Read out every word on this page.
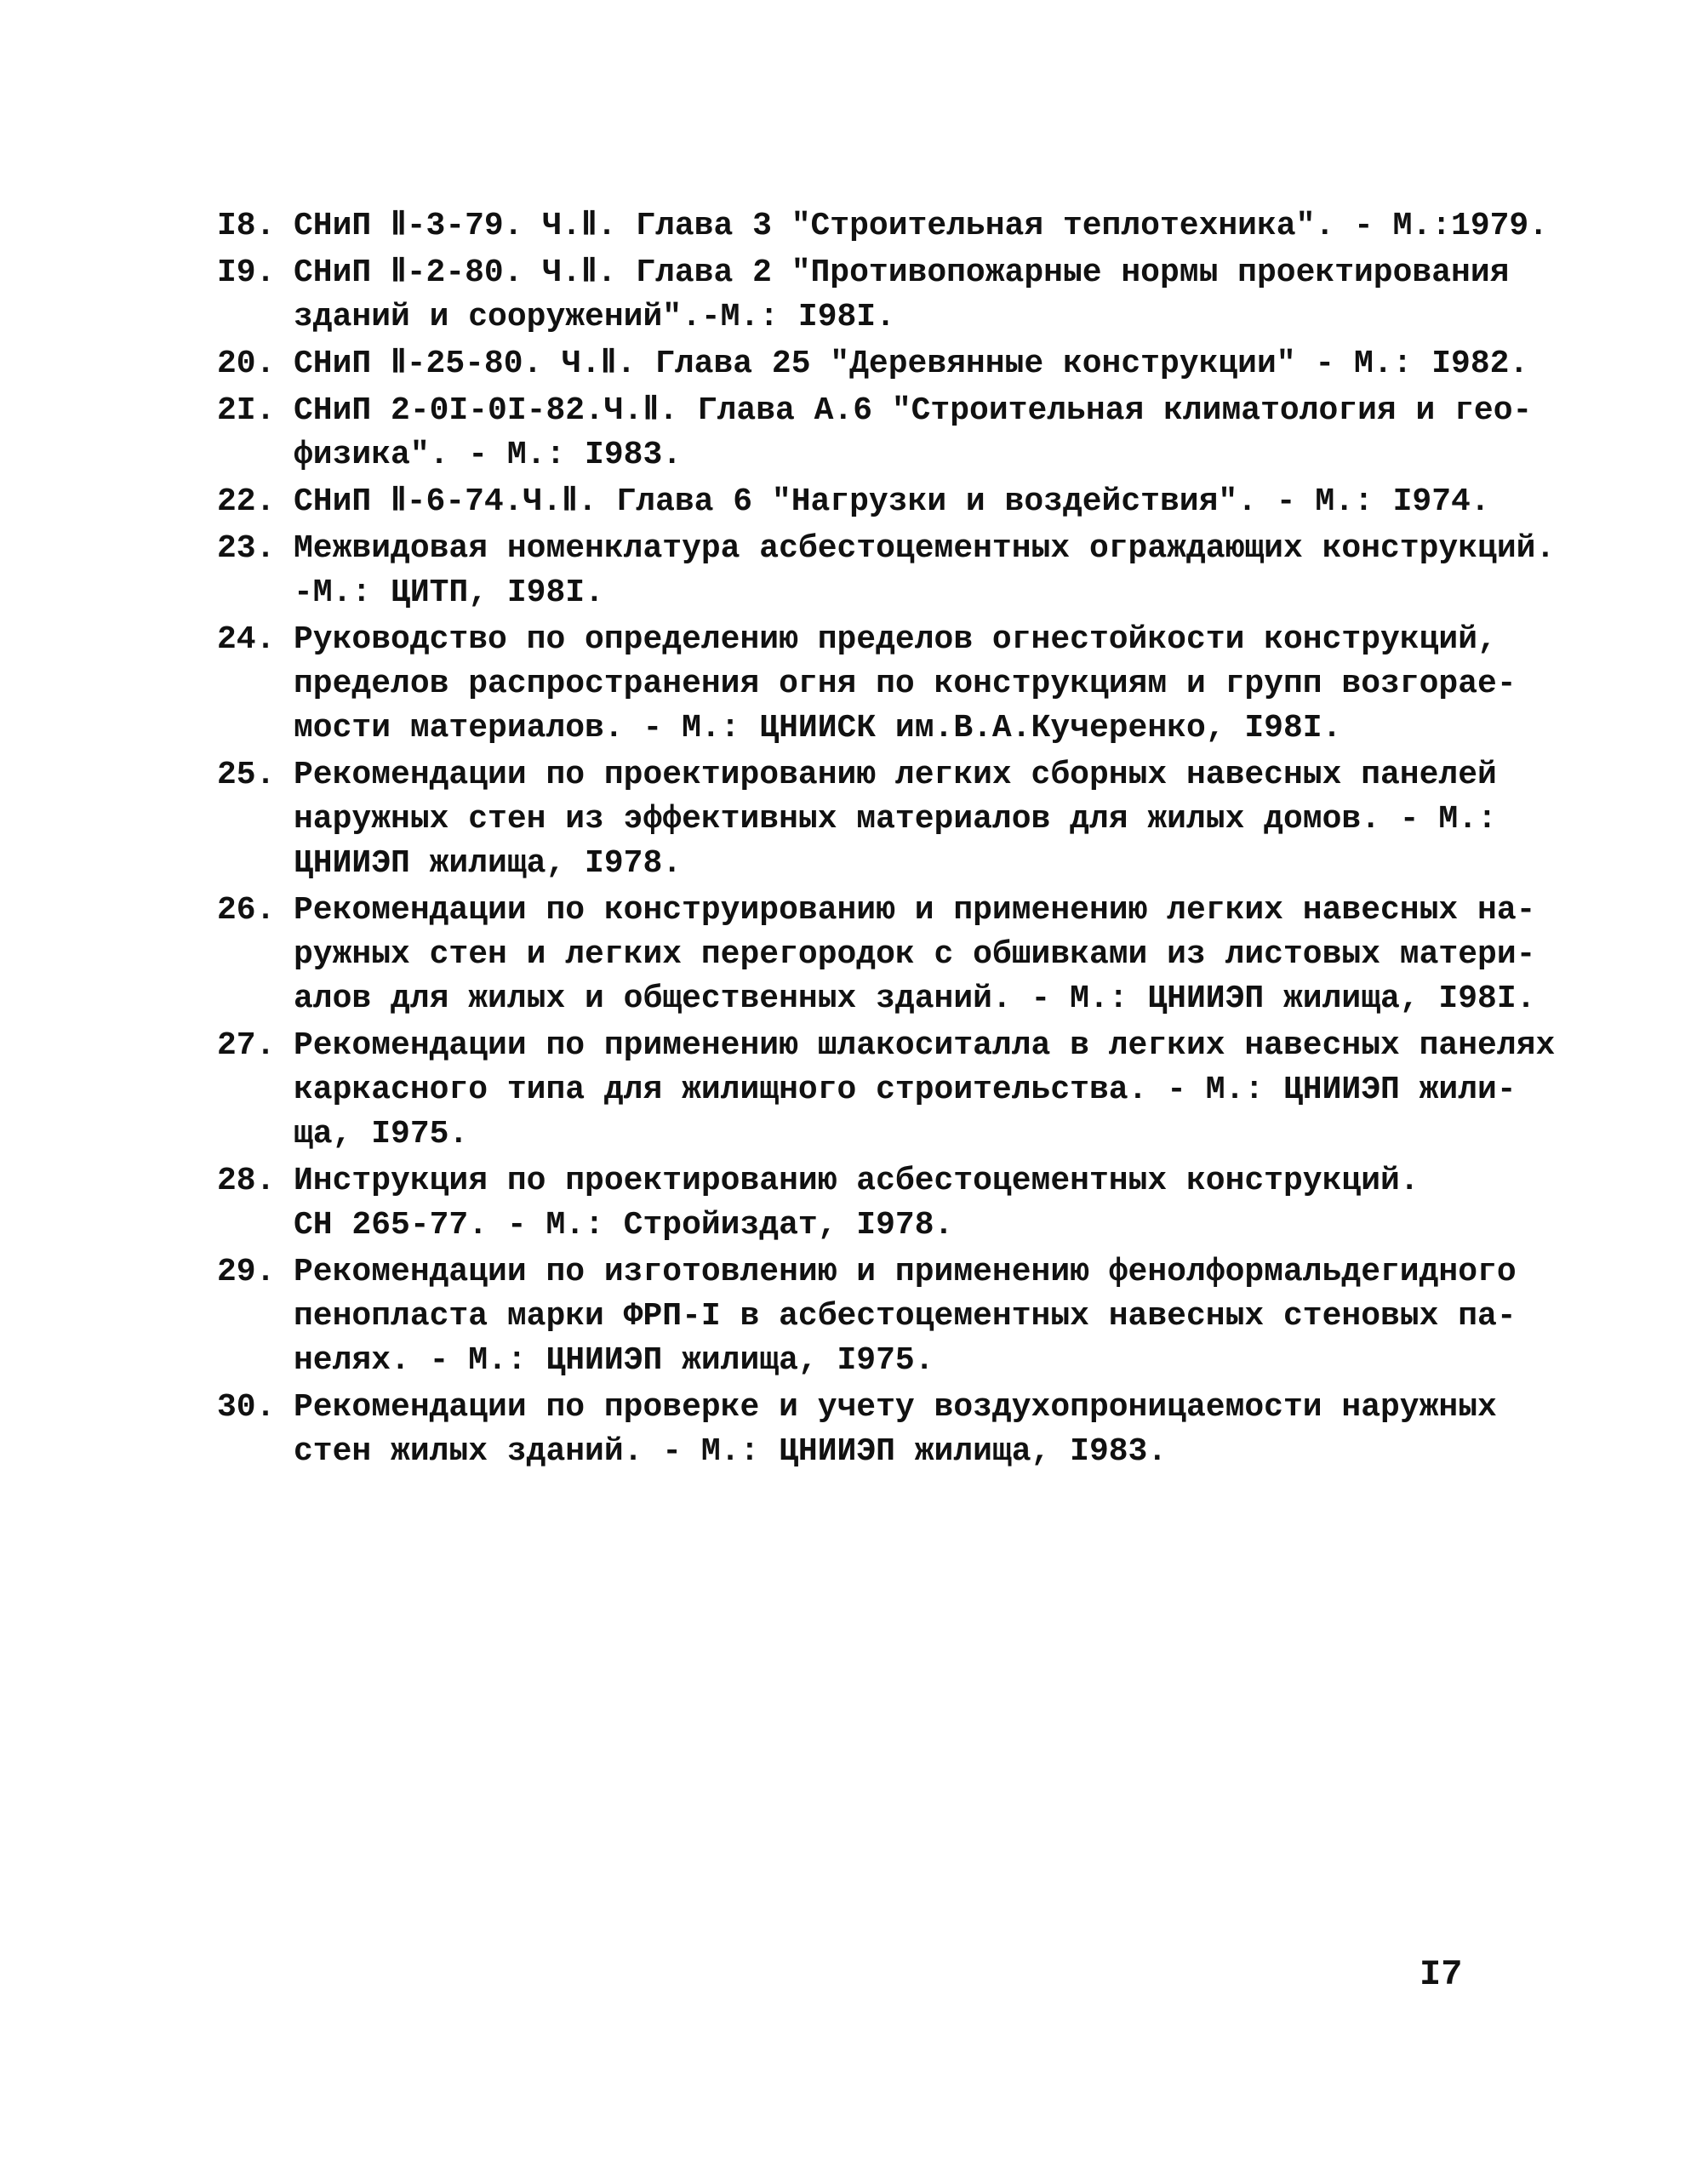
I8. СНиП Ⅱ-3-79. Ч.Ⅱ. Глава 3 "Строительная теплотехника". - М.:1979.
I9. СНиП Ⅱ-2-80. Ч.Ⅱ. Глава 2 "Противопожарные нормы проектирования
зданий и сооружений".-М.: I98I.
20. СНиП Ⅱ-25-80. Ч.Ⅱ. Глава 25 "Деревянные конструкции" - М.: I982.
2I. СНиП 2-0I-0I-82.Ч.Ⅱ. Глава А.6 "Строительная климатология и гео-
физика". - М.: I983.
22. СНиП Ⅱ-6-74.Ч.Ⅱ. Глава 6 "Нагрузки и воздействия". - М.: I974.
23. Межвидовая номенклатура асбестоцементных ограждающих конструкций.
-М.: ЦИТП, I98I.
24. Руководство по определению пределов огнестойкости конструкций,
пределов распространения огня по конструкциям и групп возгорае-
мости материалов. - М.: ЦНИИСК им.В.А.Кучеренко, I98I.
25. Рекомендации по проектированию легких сборных навесных панелей
наружных стен из эффективных материалов для жилых домов. - М.:
ЦНИИЭП жилища, I978.
26. Рекомендации по конструированию и применению легких навесных на-
ружных стен и легких перегородок с обшивками из листовых матери-
алов для жилых и общественных зданий. - М.: ЦНИИЭП жилища, I98I.
27. Рекомендации по применению шлакоситалла в легких навесных панелях
каркасного типа для жилищного строительства. - М.: ЦНИИЭП жили-
ща, I975.
28. Инструкция по проектированию асбестоцементных конструкций.
СН 265-77. - М.: Стройиздат, I978.
29. Рекомендации по изготовлению и применению фенолформальдегидного
пенопласта марки ФРП-I в асбестоцементных навесных стеновых па-
нелях. - М.: ЦНИИЭП жилища, I975.
30. Рекомендации по проверке и учету воздухопроницаемости наружных
стен жилых зданий. - М.: ЦНИИЭП жилища, I983.
I7
